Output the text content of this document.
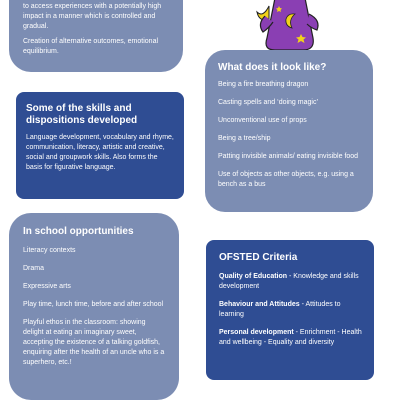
to access experiences with a potentially high impact in a manner which is controlled and gradual.

Creation of alternative outcomes, emotional equilibrium.

What does it look like?

Being a fire breathing dragon

Casting spells and ‘doing magic’

Unconventional use of props

Being a tree/ship

Patting invisible animals/ eating invisible food

Use of objects as other objects, e.g. using a bench as a bus

Some of the skills and dispositions developed

Language development, vocabulary and rhyme, communication, literacy, artistic and creative, social and groupwork skills. Also forms the basis for figurative language.

In school opportunities

Literacy contexts

Drama

Expressive arts

Play time, lunch time, before and after school

Playful ethos in the classroom: showing delight at eating an imaginary sweet, accepting the existence of a talking goldfish, enquiring after the health of an uncle who is a superhero, etc.!

OFSTED Criteria

Quality of Education - Knowledge and skills development

Behaviour and Attitudes - Attitudes to learning

Personal development - Enrichment - Health and wellbeing - Equality and diversity
